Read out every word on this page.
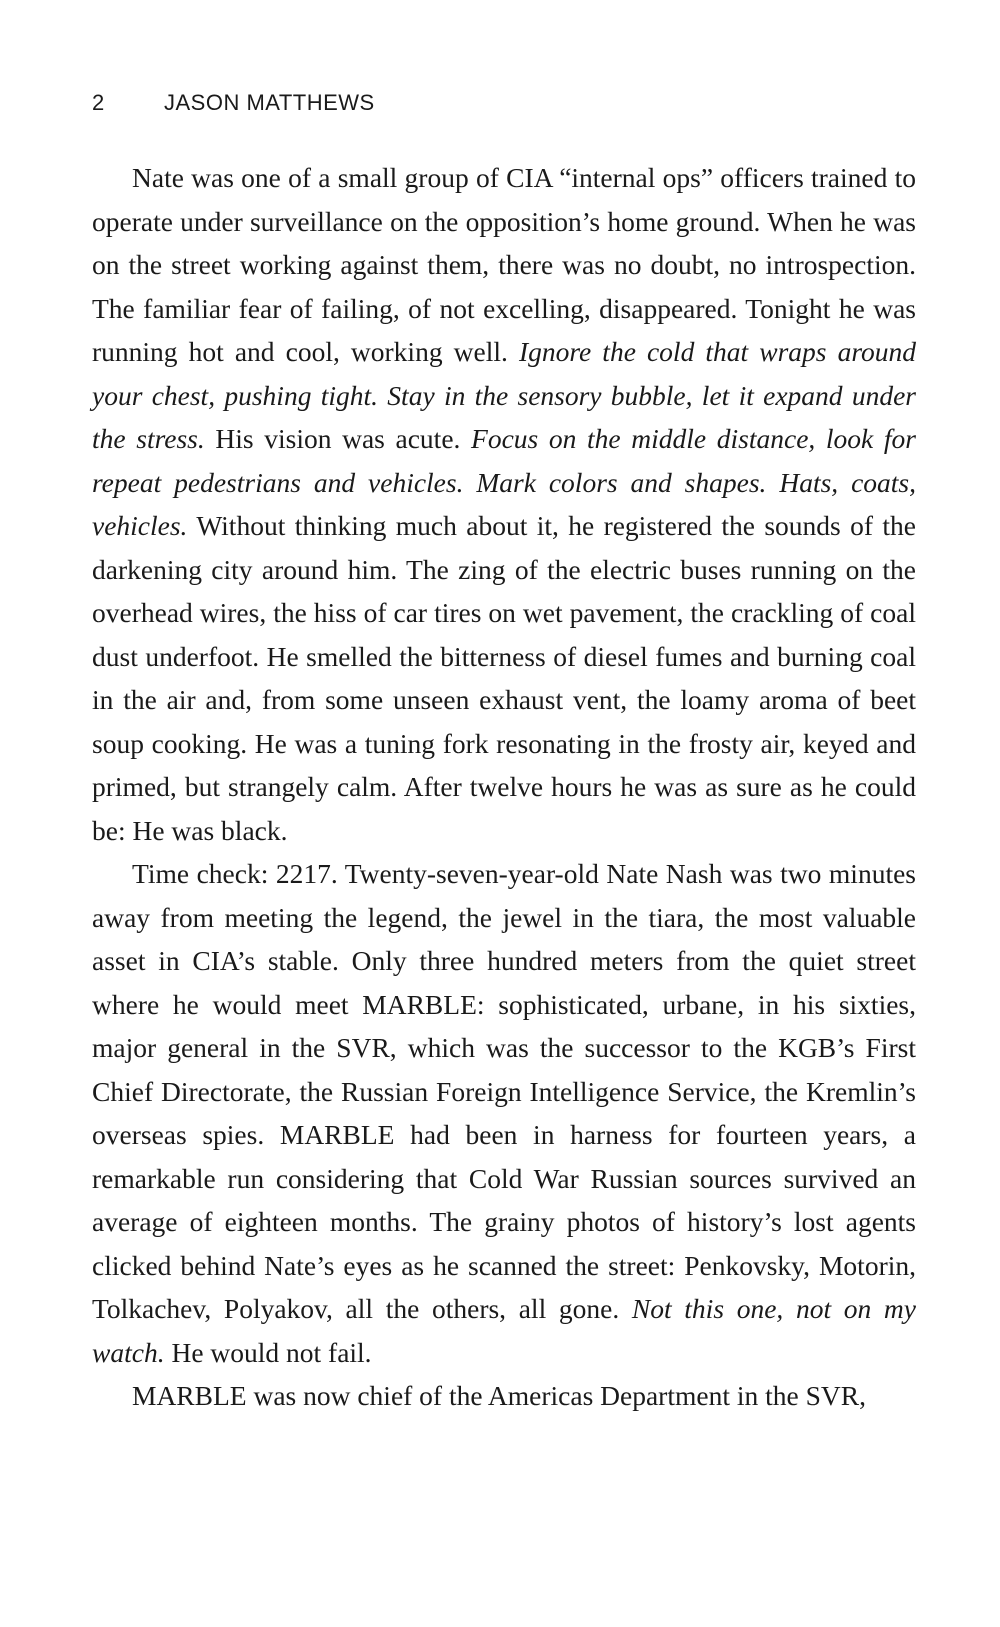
2	JASON MATTHEWS

Nate was one of a small group of CIA “internal ops” officers trained to operate under surveillance on the opposition’s home ground. When he was on the street working against them, there was no doubt, no introspection. The familiar fear of failing, of not excelling, disappeared. Tonight he was running hot and cool, working well. Ignore the cold that wraps around your chest, pushing tight. Stay in the sensory bubble, let it expand under the stress. His vision was acute. Focus on the middle distance, look for repeat pedestrians and vehicles. Mark colors and shapes. Hats, coats, vehicles. Without thinking much about it, he registered the sounds of the darkening city around him. The zing of the electric buses running on the overhead wires, the hiss of car tires on wet pavement, the crackling of coal dust underfoot. He smelled the bitterness of diesel fumes and burning coal in the air and, from some unseen exhaust vent, the loamy aroma of beet soup cooking. He was a tuning fork resonating in the frosty air, keyed and primed, but strangely calm. After twelve hours he was as sure as he could be: He was black.

Time check: 2217. Twenty-seven-year-old Nate Nash was two minutes away from meeting the legend, the jewel in the tiara, the most valuable asset in CIA’s stable. Only three hundred meters from the quiet street where he would meet MARBLE: sophisticated, urbane, in his sixties, major general in the SVR, which was the successor to the KGB’s First Chief Directorate, the Russian Foreign Intelligence Service, the Kremlin’s overseas spies. MARBLE had been in harness for fourteen years, a remarkable run considering that Cold War Russian sources survived an average of eighteen months. The grainy photos of history’s lost agents clicked behind Nate’s eyes as he scanned the street: Penkovsky, Motorin, Tolkachev, Polyakov, all the others, all gone. Not this one, not on my watch. He would not fail.

MARBLE was now chief of the Americas Department in the SVR,
